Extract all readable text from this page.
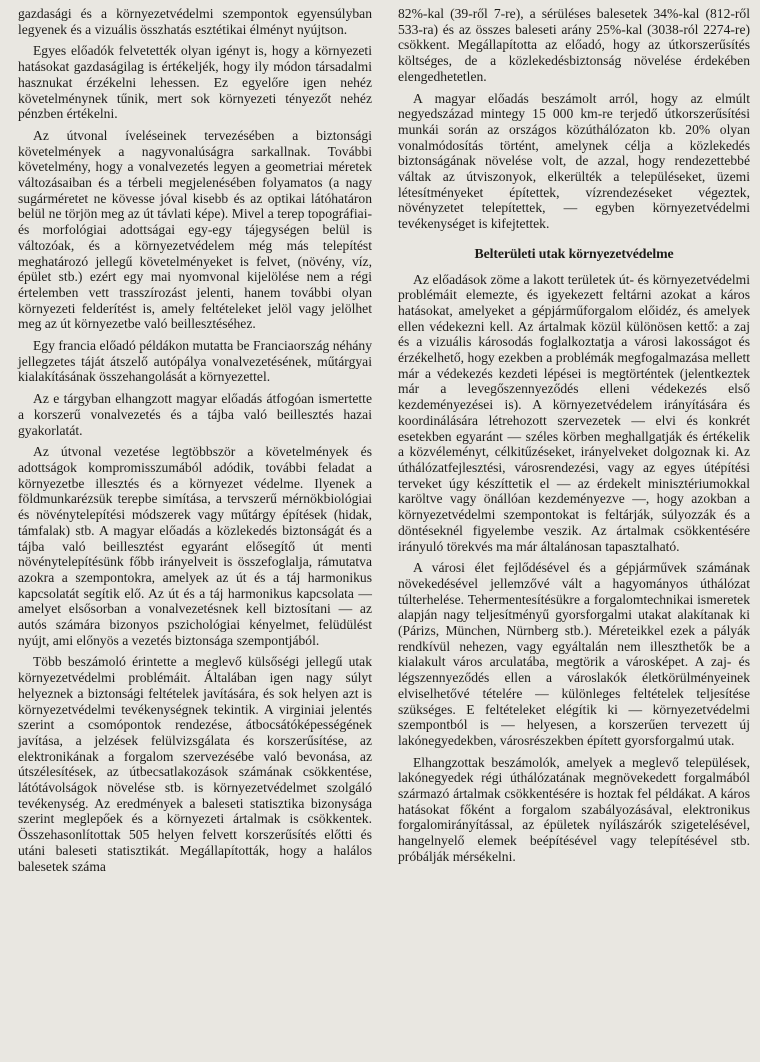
gazdasági és a környezetvédelmi szempontok egyensúlyban legyenek és a vizuális összhatás esztétikai élményt nyújtson.

Egyes előadók felvetették olyan igényt is, hogy a környezeti hatásokat gazdaságilag is értékeljék, hogy ily módon társadalmi hasznukat érzékelni lehessen. Ez egyelőre igen nehéz követelménynek tűnik, mert sok környezeti tényezőt nehéz pénzben értékelni.

Az útvonal íveléseinek tervezésében a biztonsági követelmények a nagyvonalúságra sarkallnak. További követelmény, hogy a vonalvezetés legyen a geometriai méretek változásaiban és a térbeli megjelenésében folyamatos (a nagy sugárméretet ne kövesse jóval kisebb és az optikai látóhatáron belül ne törjön meg az út távlati képe). Mivel a terep topográfiai- és morfológiai adottságai egy-egy tájegységen belül is változóak, és a környezetvédelem még más telepítést meghatározó jellegű követelményeket is felvet, (növény, víz, épület stb.) ezért egy mai nyomvonal kijelölése nem a régi értelemben vett trasszírozást jelenti, hanem további olyan környezeti felderítést is, amely feltételeket jelöl vagy jelölhet meg az út környezetbe való beillesztéséhez.

Egy francia előadó példákon mutatta be Franciaország néhány jellegzetes táját átszelő autópálya vonalvezetésének, műtárgyai kialakításának összehangolását a környezettel.

Az e tárgyban elhangzott magyar előadás átfogóan ismertette a korszerű vonalvezetés és a tájba való beillesztés hazai gyakorlatát.

Az útvonal vezetése legtöbbször a követelmények és adottságok kompromisszumából adódik, további feladat a környezetbe illesztés és a környezet védelme. Ilyenek a földmunkarézsük terepbe simítása, a tervszerű mérnökbiológiai és növénytelepítési módszerek vagy műtárgy építések (hidak, támfalak) stb. A magyar előadás a közlekedés biztonságát és a tájba való beillesztést egyaránt elősegítő út menti növénytelepítésünk főbb irányelveit is összefoglalja, rámutatva azokra a szempontokra, amelyek az út és a táj harmonikus kapcsolatát segítik elő. Az út és a táj harmonikus kapcsolata — amelyet elsősorban a vonalvezetésnek kell biztosítani — az autós számára bizonyos pszichológiai kényelmet, felüdülést nyújt, ami előnyös a vezetés biztonsága szempontjából.

Több beszámoló érintette a meglevő külsőségi jellegű utak környezetvédelmi problémáit. Általában igen nagy súlyt helyeznek a biztonsági feltételek javítására, és sok helyen azt is környezetvédelmi tevékenységnek tekintik. A virginiai jelentés szerint a csomópontok rendezése, átbocsátóképességének javítása, a jelzések felülvizsgálata és korszerűsítése, az elektronikának a forgalom szervezésébe való bevonása, az útszélesítések, az útbecsatlakozások számának csökkentése, látótávolságok növelése stb. is környezetvédelmet szolgáló tevékenység. Az eredmények a baleseti statisztika bizonysága szerint meglepőek és a környezeti ártalmak is csökkentek. Összehasonlítottak 505 helyen felvett korszerűsítés előtti és utáni baleseti statisztikát. Megállapították, hogy a halálos balesetek száma

82%-kal (39-ről 7-re), a sérüléses balesetek 34%-kal (812-ről 533-ra) és az összes baleseti arány 25%-kal (3038-ról 2274-re) csökkent. Megállapította az előadó, hogy az útkorszerűsítés költséges, de a közlekedésbiztonság növelése érdekében elengedhetetlen.

A magyar előadás beszámolt arról, hogy az elmúlt negyedszázad mintegy 15 000 km-re terjedő útkorszerűsítési munkái során az országos közúthálózaton kb. 20% olyan vonalmódosítás történt, amelynek célja a közlekedés biztonságának növelése volt, de azzal, hogy rendezettebbé váltak az útviszonyok, elkerülték a településeket, üzemi létesítményeket építettek, vízrendezéseket végeztek, növényzetet telepítettek, — egyben környezetvédelmi tevékenységet is kifejtettek.

Belterületi utak környezetvédelme

Az előadások zöme a lakott területek út- és környezetvédelmi problémáit elemezte, és igyekezett feltárni azokat a káros hatásokat, amelyeket a gépjárműforgalom előidéz, és amelyek ellen védekezni kell. Az ártalmak közül különösen kettő: a zaj és a vizuális károsodás foglalkoztatja a városi lakosságot és érzékelhető, hogy ezekben a problémák megfogalmazása mellett már a védekezés kezdeti lépései is megtörténtek (jelentkeztek már a levegőszennyeződés elleni védekezés első kezdeményezései is). A környezetvédelem irányítására és koordinálására létrehozott szervezetek — elvi és konkrét esetekben egyaránt — széles körben meghallgatják és értékelik a közvéleményt, célkitűzéseket, irányelveket dolgoznak ki. Az úthálózatfejlesztési, városrendezési, vagy az egyes útépítési terveket úgy készíttetik el — az érdekelt minisztériumokkal karöltve vagy önállóan kezdeményezve —, hogy azokban a környezetvédelmi szempontokat is feltárják, súlyozzák és a döntéseknél figyelembe veszik. Az ártalmak csökkentésére irányuló törekvés ma már általánosan tapasztalható.

A városi élet fejlődésével és a gépjárművek számának növekedésével jellemzővé vált a hagyományos úthálózat túlterhelése. Tehermentesítésükre a forgalomtechnikai ismeretek alapján nagy teljesítményű gyorsforgalmi utakat alakítanak ki (Párizs, München, Nürnberg stb.). Méreteikkel ezek a pályák rendkívül nehezen, vagy egyáltalán nem illeszthetők be a kialakult város arculatába, megtörik a városképet. A zaj- és légszennyeződés ellen a városlakók életkörülményeinek elviselhetővé tételére — különleges feltételek teljesítése szükséges. E feltételeket elégítik ki — környezetvédelmi szempontból is — helyesen, a korszerűen tervezett új lakónegyedekben, városrészekben épített gyorsforgalmú utak.

Elhangzottak beszámolók, amelyek a meglevő települések, lakónegyedek régi úthálózatának megnövekedett forgalmából származó ártalmak csökkentésére is hoztak fel példákat. A káros hatásokat főként a forgalom szabályozásával, elektronikus forgalomirányítással, az épületek nyílászárók szigetelésével, hangelnyelő elemek beépítésével vagy telepítésével stb. próbálják mérsékelni.
